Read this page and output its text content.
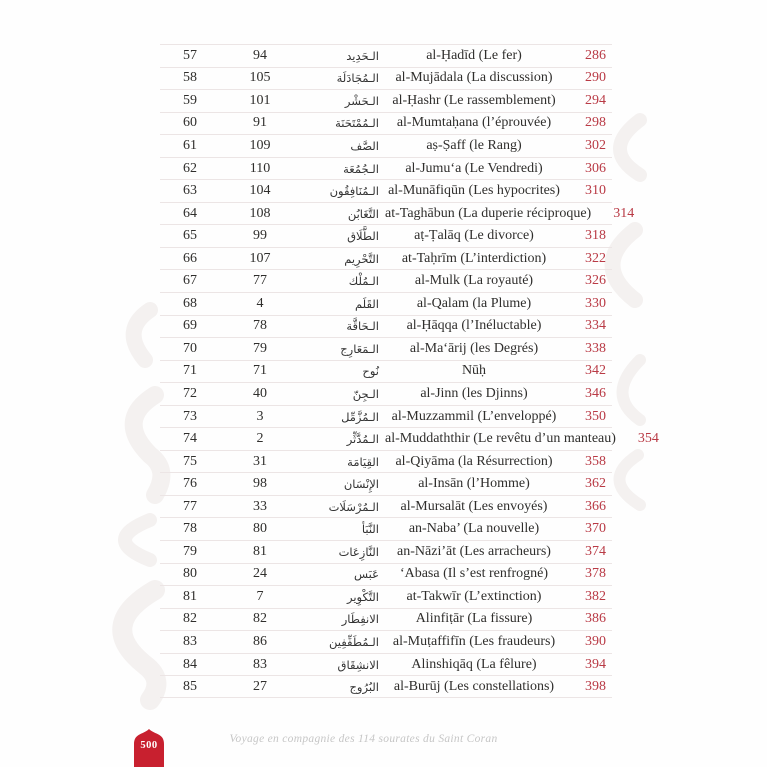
57	94	الـحَدِيد	al-Ḥadīd (Le fer)	286
58	105	الـمُجَادَلَة	al-Mujādala (La discussion)	290
59	101	الـحَشْر al-Ḥashr (Le rassemblement)	294
60	91	الـمُمْتَحَنَة	al-Mumtaḥana (l’éprouvée)	298
61	109	الصَّف	aṣ-Ṣaff (le Rang)	302
62	110	الـجُمُعَة	al-Jumu‘a (Le Vendredi)	306
63	104	الـمُنَافِقُون al-Munāfiqūn (Les hypocrites)	310
64	108	التَّغَابُن at-Taghābun (La duperie réciproque)	314
65	99	الطَّلَاق	aṭ-Ṭalāq (Le divorce)	318
66	107	التَّحْرِيم	at-Taḥrīm (L’interdiction)	322
67	77	الـمُلْك	al-Mulk (La royauté)	326
68	4	القَلَم	al-Qalam (la Plume)	330
69	78	الـحَاقَّة	al-Ḥāqqa (l’Inéluctable)	334
70	79	الـمَعَارِج	al-Ma‘ārij (les Degrés)	338
71	71	نُوح	Nūḥ	342
72	40	الـجِنّ	al-Jinn (les Djinns)	346
73	3	الـمُزَّمِّل al-Muzzammil (L’enveloppé)	350
74	2	الـمُدَّثِّر al-Muddaththir (Le revêtu d’un manteau)	354
75	31	القِيَامَة	al-Qiyāma (la Résurrection)	358
76	98	الإِنْسَان	al-Insān (l’Homme)	362
77	33	الـمُرْسَلَات	al-Mursalāt (Les envoyés)	366
78	80	النَّبَأ	an-Naba’ (La nouvelle)	370
79	81	النَّازِعَات	an-Nāzi’āt (Les arracheurs)	374
80	24	عَبَس	‘Abasa (Il s’est renfrogné)	378
81	7	التَّكْوِير	at-Takwīr (L’extinction)	382
82	82	الانفِطَار	Alinfiṭār (La fissure)	386
83	86	الـمُطَفِّفِين al-Muṭaffifīn (Les fraudeurs)	390
84	83	الانشِقَاق	Alinshiqāq (La fêlure)	394
85	27	البُرُوج	al-Burūj (Les constellations)	398
Voyage en compagnie des 114 sourates du Saint Coran
500
